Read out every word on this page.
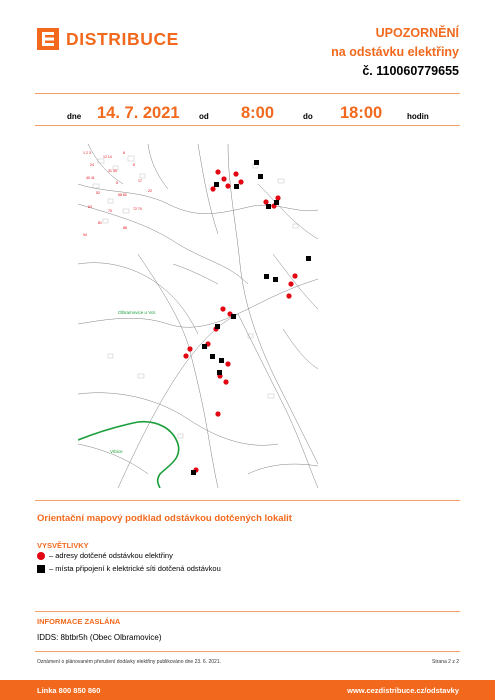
DISTRIBUCE	UPOZORNĚNÍ
na odstávku elektřiny
č. 110060779655
dne 14. 7. 2021 od 8:00	do 18:00	hodin
1 2 3
12 14
6
24
31 33
8
40 41
5	17
52	58 60
22
63
70	72 74
81
88
94
Olbramovice u Vot.
Vrbice
Orientační mapový podklad odstávkou dotčených lokalit
VYSVĚTLIVKY
– adresy dotčené odstávkou elektřiny
– místa připojení k elektrické síti dotčená odstávkou
INFORMACE ZASLÁNA
IDDS: 8btbr5h (Obec Olbramovice)
Oznámení o plánovaném přerušení dodávky elektřiny publikováno dne 23. 6. 2021.	Strana 2 z 2
Linka 800 850 860	www.cezdistribuce.cz/odstavky
